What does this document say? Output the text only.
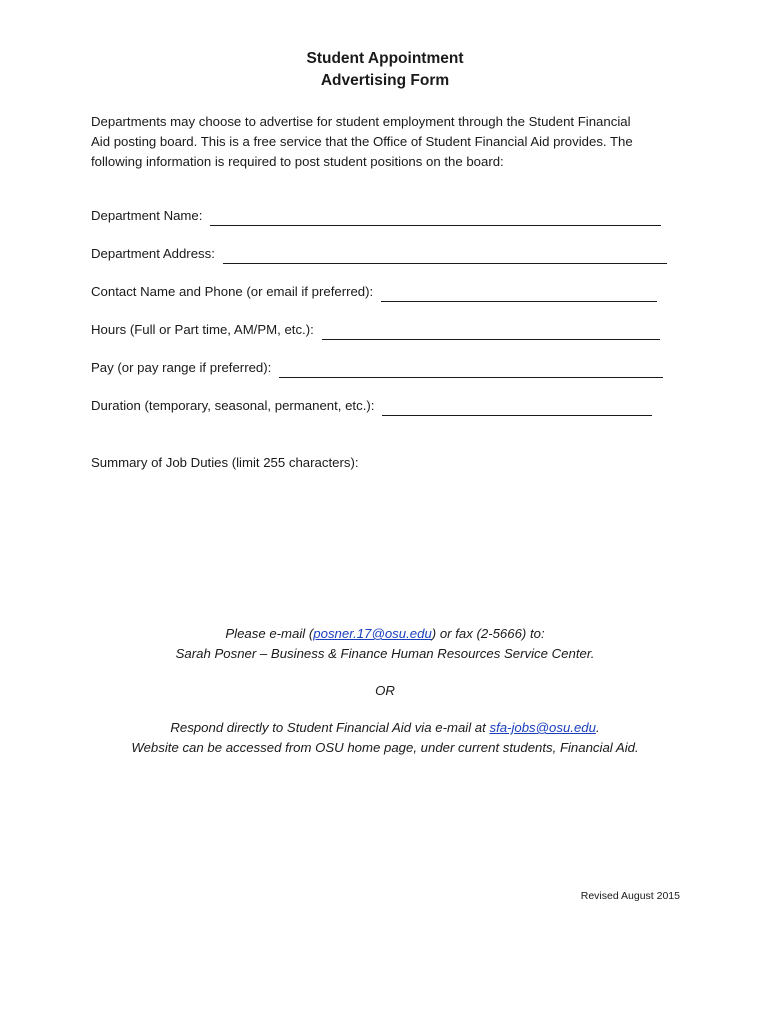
Student Appointment
Advertising Form
Departments may choose to advertise for student employment through the Student Financial
Aid posting board. This is a free service that the Office of Student Financial Aid provides. The
following information is required to post student positions on the board:
Department Name:
Department Address:
Contact Name and Phone (or email if preferred):
Hours (Full or Part time, AM/PM, etc.):
Pay (or pay range if preferred):
Duration (temporary, seasonal, permanent, etc.):
Summary of Job Duties (limit 255 characters):
Please e-mail (posner.17@osu.edu) or fax (2-5666) to:
Sarah Posner – Business & Finance Human Resources Service Center.
OR
Respond directly to Student Financial Aid via e-mail at sfa-jobs@osu.edu.
Website can be accessed from OSU home page, under current students, Financial Aid.
Revised August 2015
